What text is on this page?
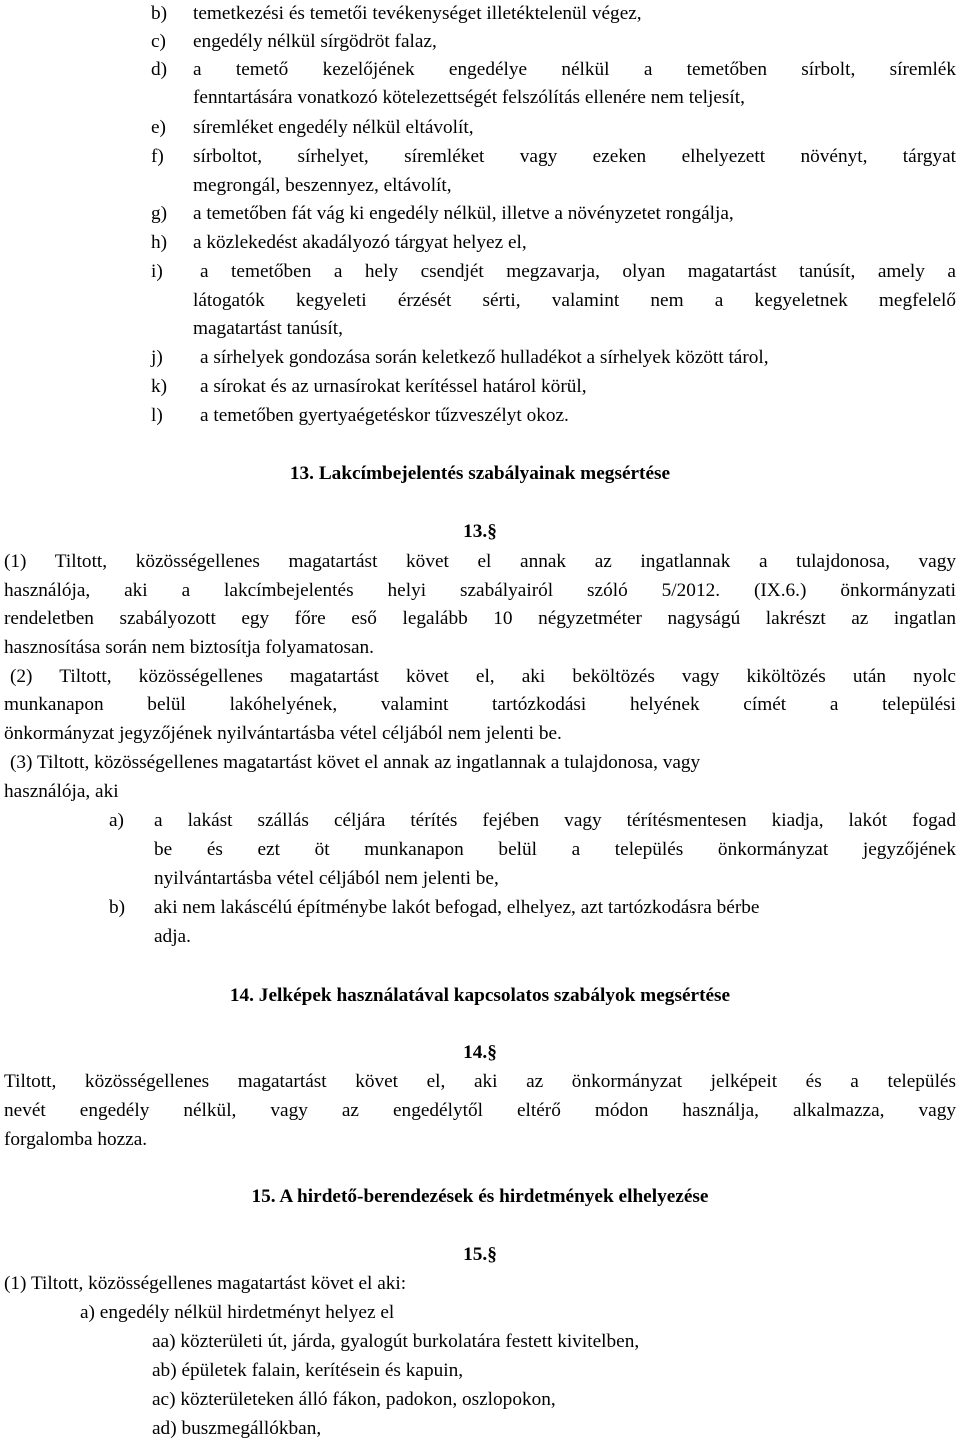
b) temetkezési és temetői tevékenységet illetéktelenül végez,
c) engedély nélkül sírgödröt falaz,
d) a temető kezelőjének engedélye nélkül a temetőben sírbolt, síremlék
fenntartására vonatkozó kötelezettségét felszólítás ellenére nem teljesít,
e) síremléket engedély nélkül eltávolít,
f) sírboltot, sírhelyet, síremléket vagy ezeken elhelyezett növényt, tárgyat
megrongál, beszennyez, eltávolít,
g) a temetőben fát vág ki engedély nélkül, illetve a növényzetet rongálja,
h) a közlekedést akadályozó tárgyat helyez el,
i) a temetőben a hely csendjét megzavarja, olyan magatartást tanúsít, amely a
látogatók kegyeleti érzését sérti, valamint nem a kegyeletnek megfelelő
magatartást tanúsít,
j) a sírhelyek gondozása során keletkező hulladékot a sírhelyek között tárol,
k) a sírokat és az urnasírokat kerítéssel határol körül,
l) a temetőben gyertyaégetéskor tűzveszélyt okoz.
13. Lakcímbejelentés szabályainak megsértése
13.§
(1) Tiltott, közösségellenes magatartást követ el annak az ingatlannak a tulajdonosa, vagy
használója, aki a lakcímbejelentés helyi szabályairól szóló 5/2012. (IX.6.) önkormányzati
rendeletben szabályozott egy főre eső legalább 10 négyzetméter nagyságú lakrészt az ingatlan
hasznosítása során nem biztosítja folyamatosan.
(2) Tiltott, közösségellenes magatartást követ el, aki beköltözés vagy kiköltözés után nyolc
munkanapon belül lakóhelyének, valamint tartózkodási helyének címét a települési
önkormányzat jegyzőjének nyilvántartásba vétel céljából nem jelenti be.
(3) Tiltott, közösségellenes magatartást követ el annak az ingatlannak a tulajdonosa, vagy
használója, aki
a) a lakást szállás céljára térítés fejében vagy térítésmentesen kiadja, lakót fogad
be és ezt öt munkanapon belül a település önkormányzat jegyzőjének
nyilvántartásba vétel céljából nem jelenti be,
b) aki nem lakáscélú építménybe lakót befogad, elhelyez, azt tartózkodásra bérbe
adja.
14. Jelképek használatával kapcsolatos szabályok megsértése
14.§
Tiltott, közösségellenes magatartást követ el, aki az önkormányzat jelképeit és a település
nevét engedély nélkül, vagy az engedélytől eltérő módon használja, alkalmazza, vagy
forgalomba hozza.
15. A hirdető-berendezések és hirdetmények elhelyezése
15.§
(1) Tiltott, közösségellenes magatartást követ el aki:
a) engedély nélkül hirdetményt helyez el
aa) közterületi út, járda, gyalogút burkolatára festett kivitelben,
ab) épületek falain, kerítésein és kapuin,
ac) közterületeken álló fákon, padokon, oszlopokon,
ad) buszmegállókban,
